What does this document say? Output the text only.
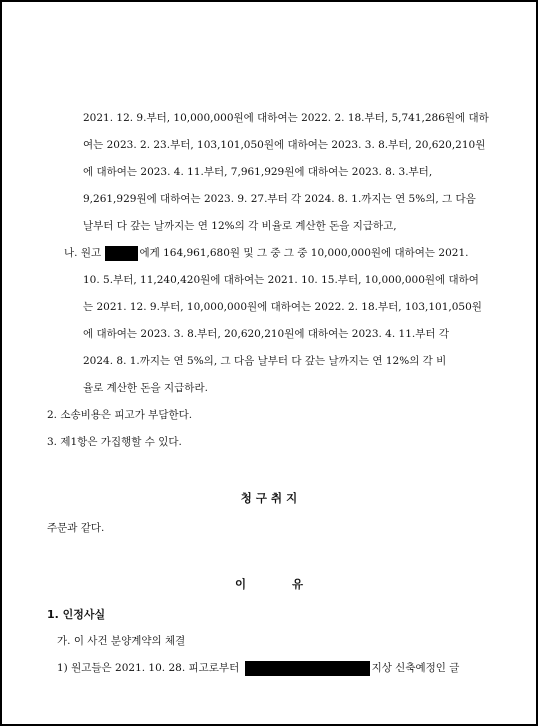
2021. 12. 9.부터, 10,000,000원에 대하여는 2022. 2. 18.부터, 5,741,286원에 대하
여는 2023. 2. 23.부터, 103,101,050원에 대하여는 2023. 3. 8.부터, 20,620,210원
에 대하여는 2023. 4. 11.부터, 7,961,929원에 대하여는 2023. 8. 3.부터,
9,261,929원에 대하여는 2023. 9. 27.부터 각 2024. 8. 1.까지는 연 5%의, 그 다음
날부터 다 갚는 날까지는 연 12%의 각 비율로 계산한 돈을 지급하고,
나. 원고	에게 164,961,680원 및 그 중 그 중 10,000,000원에 대하여는 2021.
10. 5.부터, 11,240,420원에 대하여는 2021. 10. 15.부터, 10,000,000원에 대하여
는 2021. 12. 9.부터, 10,000,000원에 대하여는 2022. 2. 18.부터, 103,101,050원
에 대하여는 2023. 3. 8.부터, 20,620,210원에 대하여는 2023. 4. 11.부터 각
2024. 8. 1.까지는 연 5%의, 그 다음 날부터 다 갚는 날까지는 연 12%의 각 비
율로 계산한 돈을 지급하라.
2. 소송비용은 피고가 부담한다.
3. 제1항은 가집행할 수 있다.
청 구 취 지
주문과 같다.
이	유
1. 인정사실
가. 이 사건 분양계약의 체결
1) 원고들은 2021. 10. 28. 피고로부터	지상 신축예정인 글
